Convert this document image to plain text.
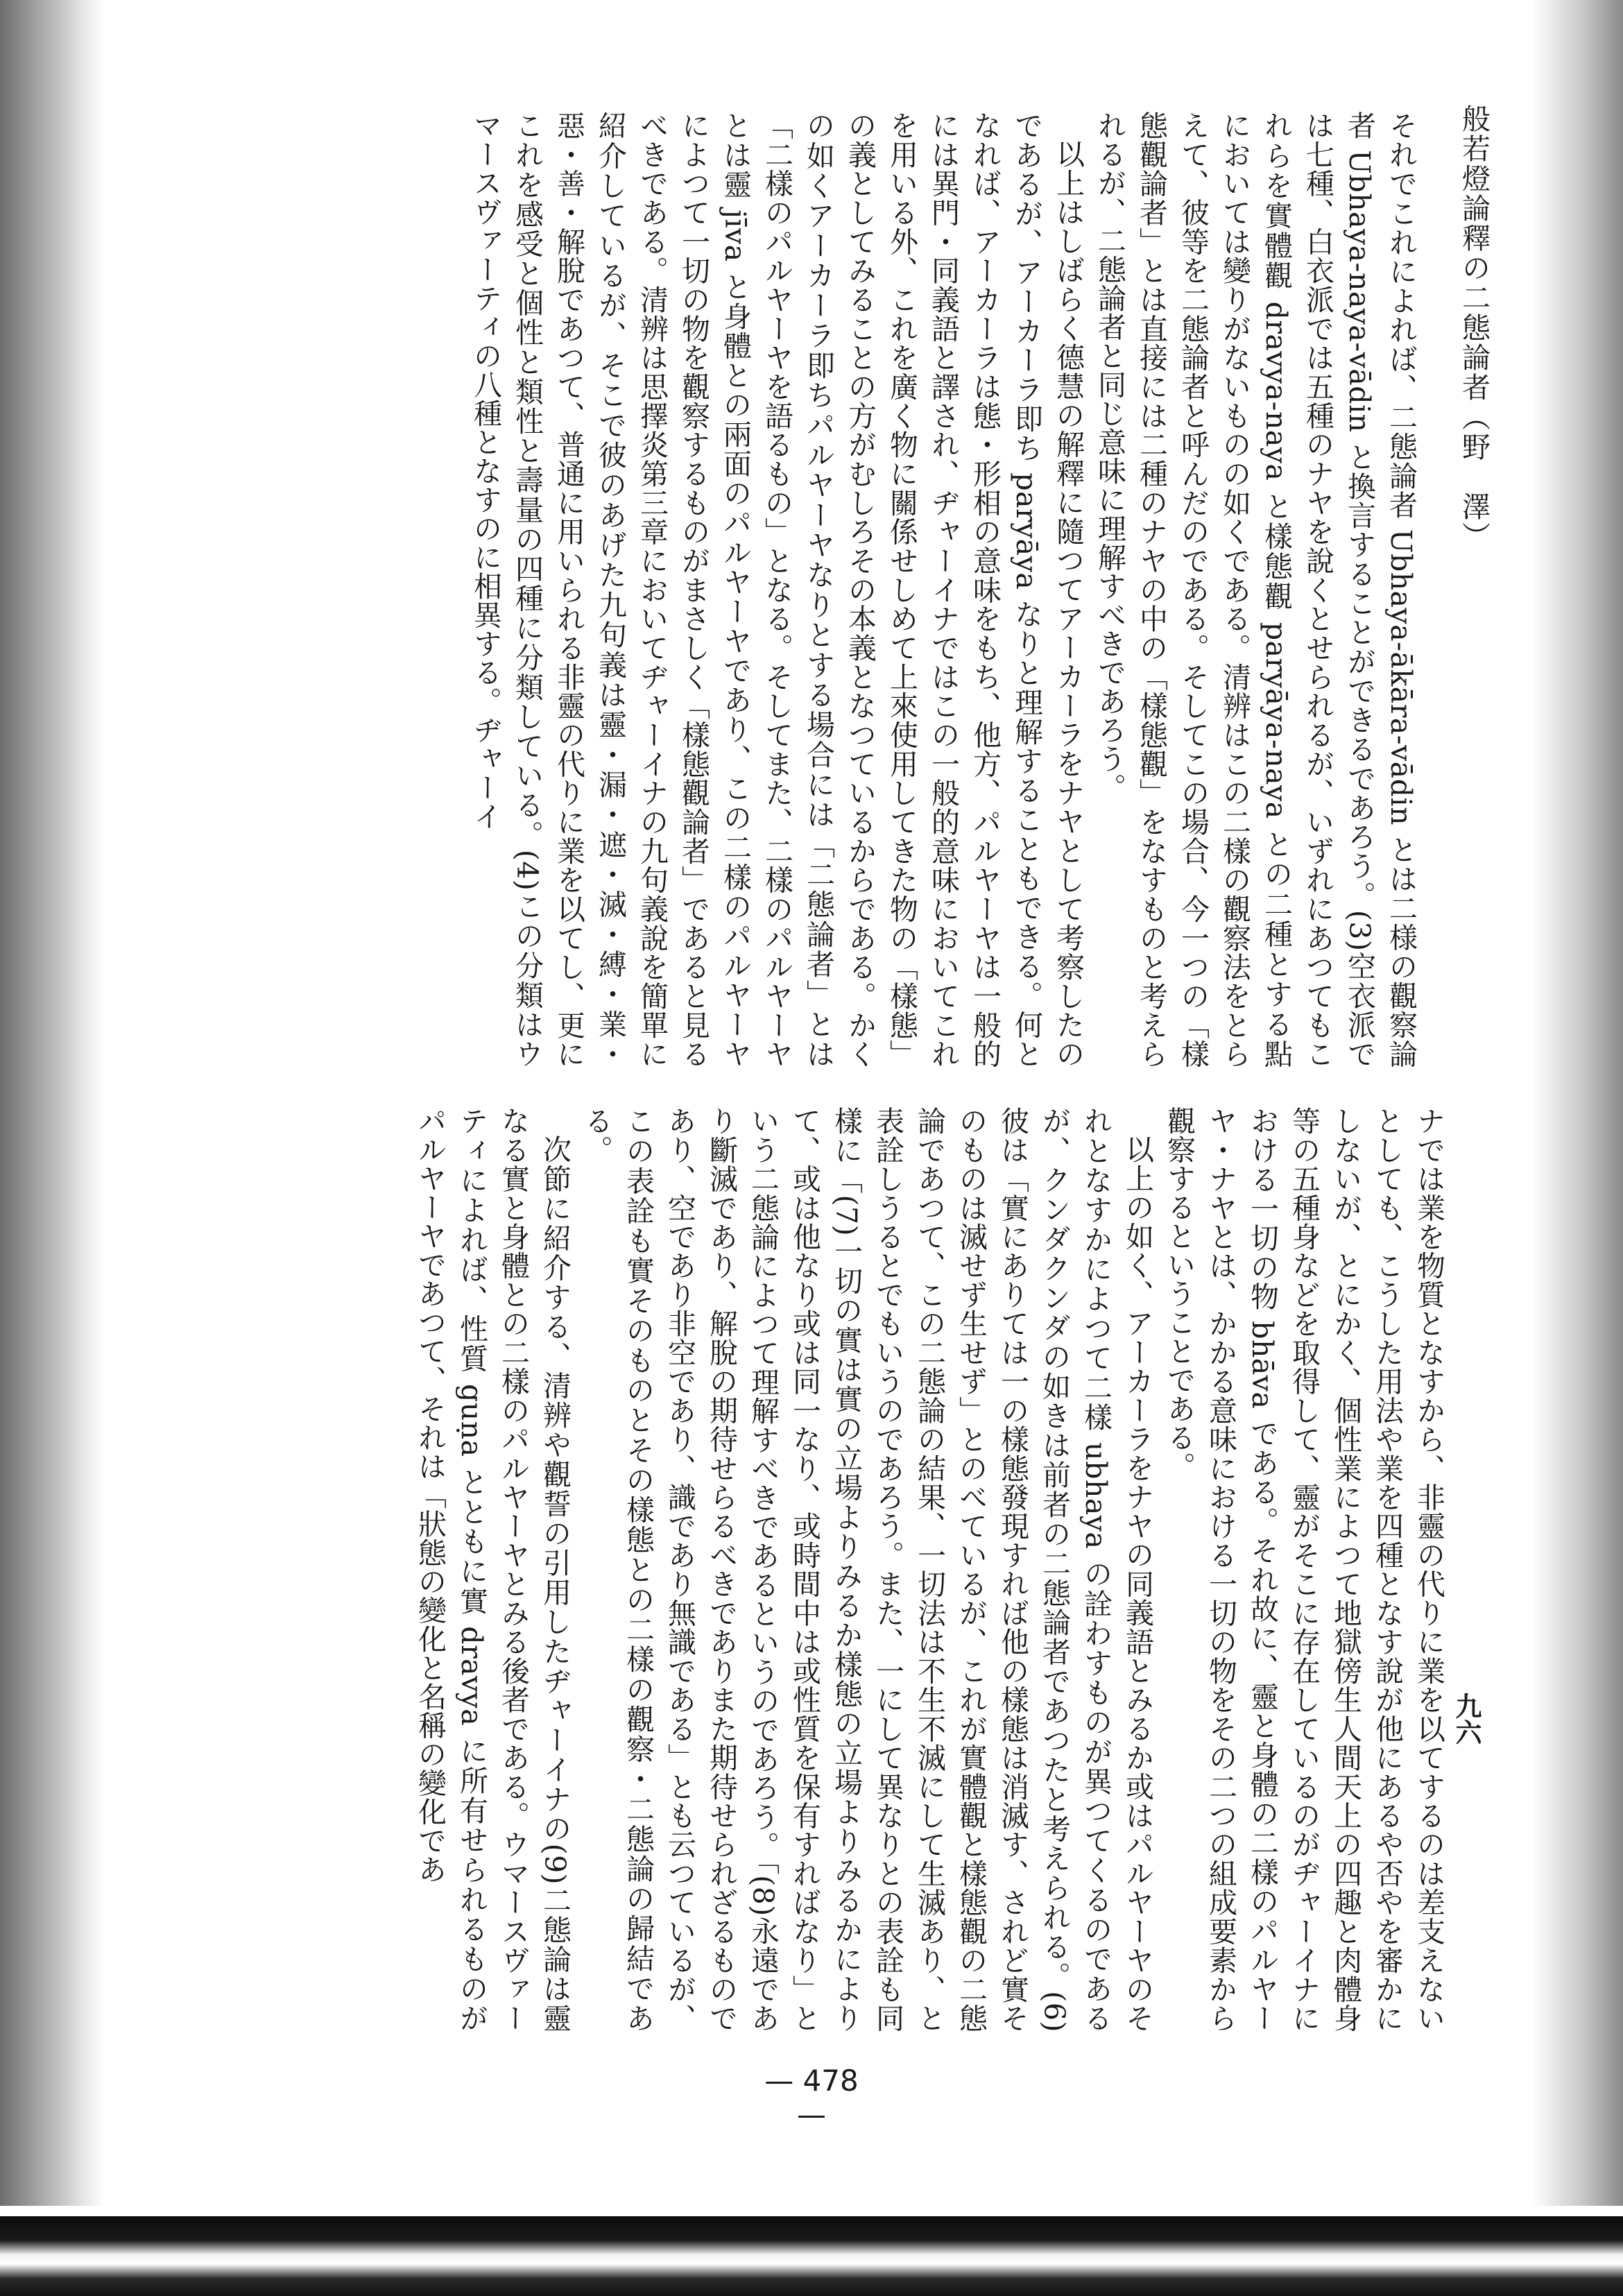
般若燈論釋の二態論者（野　澤）
九六

それでこれによれば、二態論者 Ubhaya-ākāra-vādin とは二様の觀察論者 Ubhaya-naya-vādin と換言することができるであろう。(3)空衣派では七種、白衣派では五種のナヤを說くとせられるが、いずれにあつてもこれらを實體觀 dravya-naya と樣態觀 paryāya-naya との二種とする點においては變りがないものの如くである。清辨はこの二樣の觀察法をとらえて、彼等を二態論者と呼んだのである。そしてこの場合、今一つの「樣態觀論者」とは直接には二種のナヤの中の「樣態觀」をなすものと考えられるが、二態論者と同じ意味に理解すべきであろう。

以上はしばらく德慧の解釋に隨つてアーカーラをナヤとして考察したのであるが、アーカーラ即ち paryāya なりと理解することもできる。何となれば、アーカーラは態・形相の意味をもち、他方、パルヤーヤは一般的には異門・同義語と譯され、ヂャーイナではこの一般的意味においてこれを用いる外、これを廣く物に關係せしめて上來使用してきた物の「樣態」の義としてみることの方がむしろその本義となつているからである。かくの如くアーカーラ即ちパルヤーヤなりとする場合には「二態論者」とは「二樣のパルヤーヤを語るもの」となる。そしてまた、二樣のパルヤーヤとは靈 jīva と身體との兩面のパルヤーヤであり、この二樣のパルヤーヤによつて一切の物を觀察するものがまさしく「樣態觀論者」であると見るべきである。清辨は思擇炎第三章においてヂャーイナの九句義說を簡單に紹介しているが、そこで彼のあげた九句義は靈・漏・遮・滅・縛・業・惡・善・解脫であつて、普通に用いられる非靈の代りに業を以てし、更にこれを感受と個性と類性と壽量の四種に分類している。(4)この分類はウマースヴァーティの八種となすのに相異する。ヂャーイ

ナでは業を物質となすから、非靈の代りに業を以てするのは差支えないとしても、こうした用法や業を四種となす說が他にあるや否やを審かにしないが、とにかく、個性業によつて地獄傍生人間天上の四趣と肉體身等の五種身などを取得して、靈がそこに存在しているのがヂャーイナにおける一切の物 bhāva である。それ故に、靈と身體の二樣のパルヤーヤ・ナヤとは、かかる意味における一切の物をその二つの組成要素から觀察するということである。

以上の如く、アーカーラをナヤの同義語とみるか或はパルヤーヤのそれとなすかによつて二樣 ubhaya の詮わすものが異つてくるのであるが、クンダクンダの如きは前者の二態論者であつたと考えられる。(6)彼は「實にありては一の樣態發現すれば他の樣態は消滅す、されど實そのものは滅せず生せず」とのべているが、これが實體觀と樣態觀の二態論であつて、この二態論の結果、一切法は不生不滅にして生滅あり、と表詮しうるとでもいうのであろう。また、一にして異なりとの表詮も同樣に「(7)一切の實は實の立場よりみるか樣態の立場よりみるかによりて、或は他なり或は同一なり、或時間中は或性質を保有すればなり」という二態論によつて理解すべきであるというのであろう。「(8)永遠であり斷滅であり、解脫の期待せらるべきでありまた期待せられざるものであり、空であり非空であり、識であり無識である」とも云つているが、この表詮も實そのものとその樣態との二樣の觀察・二態論の歸結である。

次節に紹介する、清辨や觀誓の引用したヂャーイナの(9)二態論は靈なる實と身體との二樣のパルヤーヤとみる後者である。ウマースヴァーティによれば、性質 guṇa とともに實 dravya に所有せられるものがパルヤーヤであつて、それは「狀態の變化と名稱の變化であ

— 478 —
